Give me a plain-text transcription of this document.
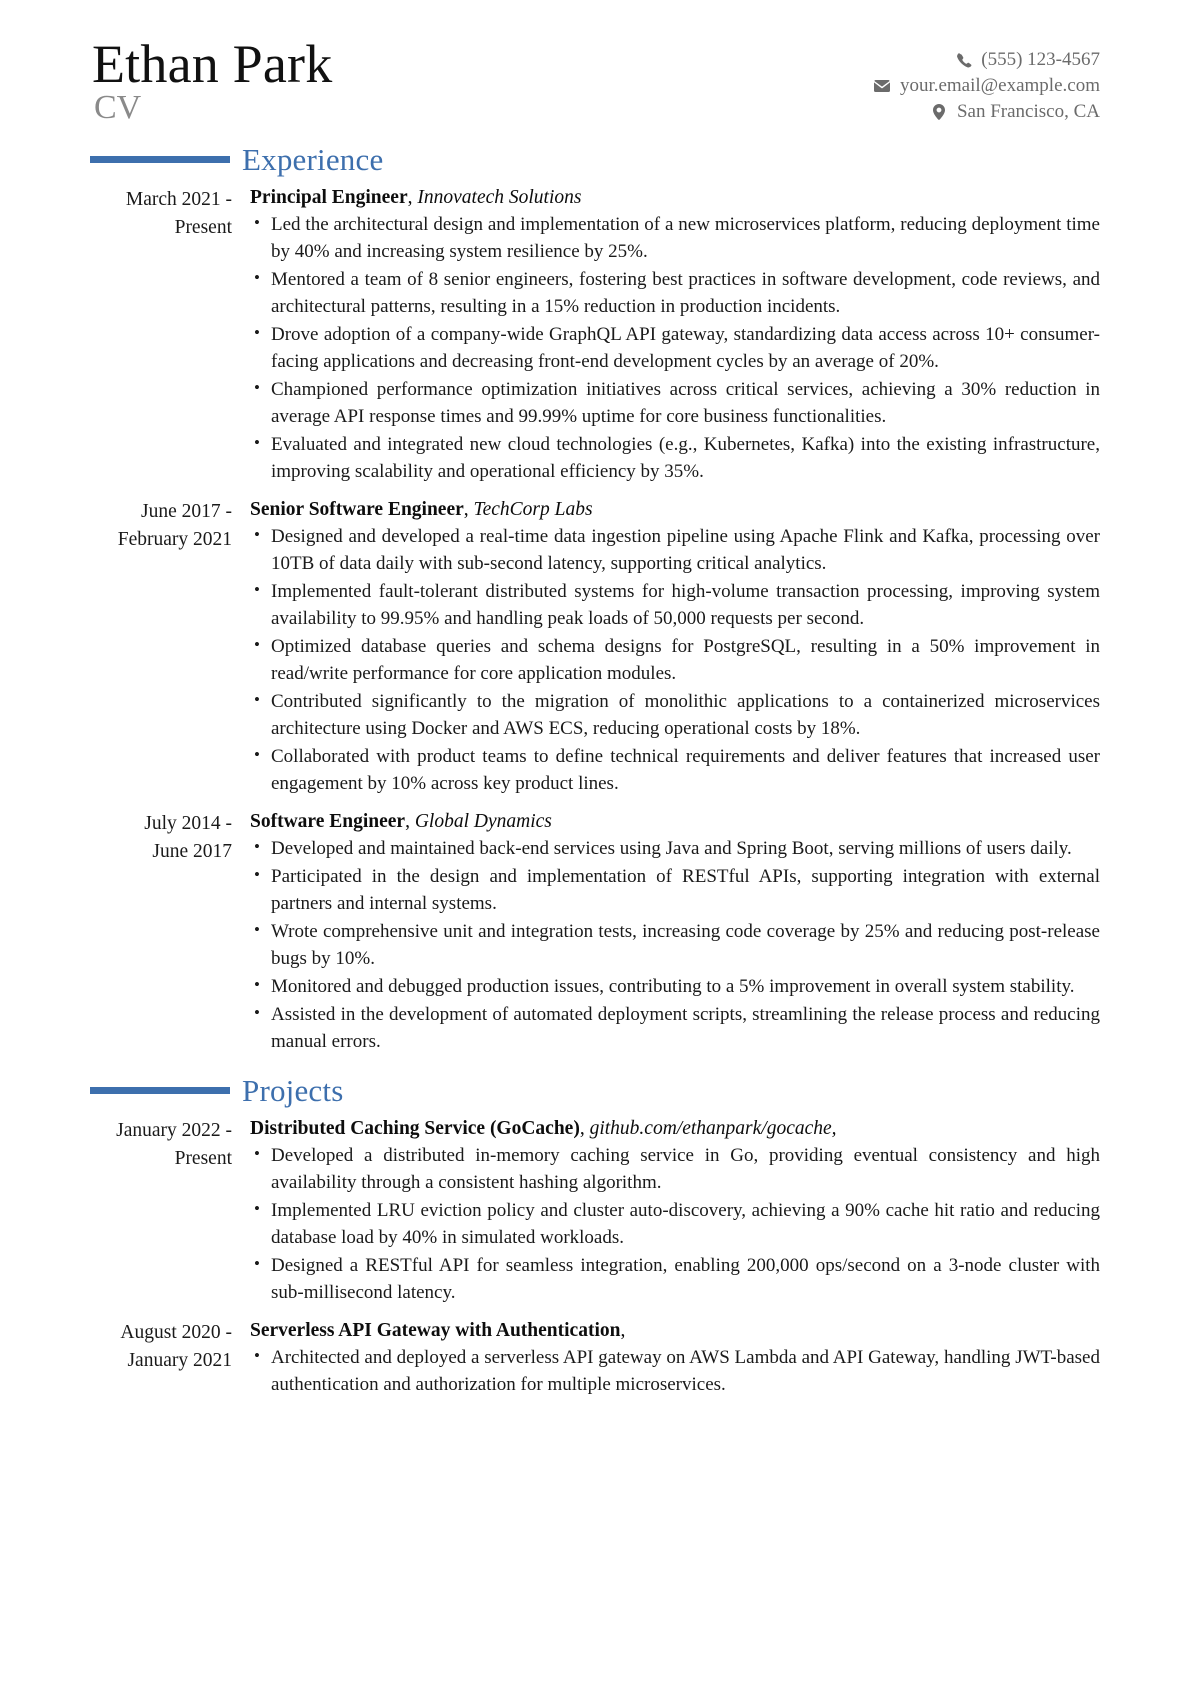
Ethan Park
CV
(555) 123-4567
your.email@example.com
San Francisco, CA
Experience
March 2021 -
Present
Principal Engineer, Innovatech Solutions
• Led the architectural design and implementation of a new microservices platform, reducing deployment time by 40% and increasing system resilience by 25%.
• Mentored a team of 8 senior engineers, fostering best practices in software development, code reviews, and architectural patterns, resulting in a 15% reduction in production incidents.
• Drove adoption of a company-wide GraphQL API gateway, standardizing data access across 10+ consumer-facing applications and decreasing front-end development cycles by an average of 20%.
• Championed performance optimization initiatives across critical services, achieving a 30% reduction in average API response times and 99.99% uptime for core business functionalities.
• Evaluated and integrated new cloud technologies (e.g., Kubernetes, Kafka) into the existing infrastructure, improving scalability and operational efficiency by 35%.
June 2017 -
February 2021
Senior Software Engineer, TechCorp Labs
• Designed and developed a real-time data ingestion pipeline using Apache Flink and Kafka, processing over 10TB of data daily with sub-second latency, supporting critical analytics.
• Implemented fault-tolerant distributed systems for high-volume transaction processing, improving system availability to 99.95% and handling peak loads of 50,000 requests per second.
• Optimized database queries and schema designs for PostgreSQL, resulting in a 50% improvement in read/write performance for core application modules.
• Contributed significantly to the migration of monolithic applications to a containerized microservices architecture using Docker and AWS ECS, reducing operational costs by 18%.
• Collaborated with product teams to define technical requirements and deliver features that increased user engagement by 10% across key product lines.
July 2014 -
June 2017
Software Engineer, Global Dynamics
• Developed and maintained back-end services using Java and Spring Boot, serving millions of users daily.
• Participated in the design and implementation of RESTful APIs, supporting integration with external partners and internal systems.
• Wrote comprehensive unit and integration tests, increasing code coverage by 25% and reducing post-release bugs by 10%.
• Monitored and debugged production issues, contributing to a 5% improvement in overall system stability.
• Assisted in the development of automated deployment scripts, streamlining the release process and reducing manual errors.
Projects
January 2022 -
Present
Distributed Caching Service (GoCache), github.com/ethanpark/gocache,
• Developed a distributed in-memory caching service in Go, providing eventual consistency and high availability through a consistent hashing algorithm.
• Implemented LRU eviction policy and cluster auto-discovery, achieving a 90% cache hit ratio and reducing database load by 40% in simulated workloads.
• Designed a RESTful API for seamless integration, enabling 200,000 ops/second on a 3-node cluster with sub-millisecond latency.
August 2020 -
January 2021
Serverless API Gateway with Authentication,
• Architected and deployed a serverless API gateway on AWS Lambda and API Gateway, handling JWT-based authentication and authorization for multiple microservices.
